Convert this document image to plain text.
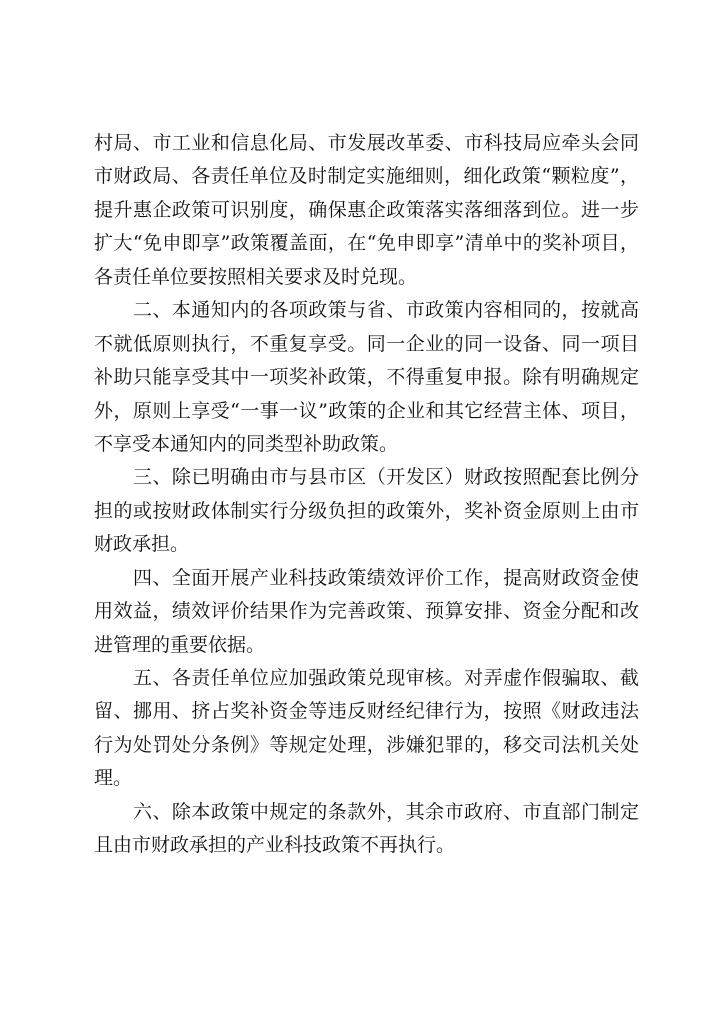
村局、市工业和信息化局、市发展改革委、市科技局应牵头会同
市财政局、各责任单位及时制定实施细则，细化政策“颗粒度”，
提升惠企政策可识别度，确保惠企政策落实落细落到位。进一步
扩大“免申即享”政策覆盖面，在“免申即享”清单中的奖补项目，
各责任单位要按照相关要求及时兑现。
　　二、本通知内的各项政策与省、市政策内容相同的，按就高
不就低原则执行，不重复享受。同一企业的同一设备、同一项目
补助只能享受其中一项奖补政策，不得重复申报。除有明确规定
外，原则上享受“一事一议”政策的企业和其它经营主体、项目，
不享受本通知内的同类型补助政策。
　　三、除已明确由市与县市区（开发区）财政按照配套比例分
担的或按财政体制实行分级负担的政策外，奖补资金原则上由市
财政承担。
　　四、全面开展产业科技政策绩效评价工作，提高财政资金使
用效益，绩效评价结果作为完善政策、预算安排、资金分配和改
进管理的重要依据。
　　五、各责任单位应加强政策兑现审核。对弄虚作假骗取、截
留、挪用、挤占奖补资金等违反财经纪律行为，按照《财政违法
行为处罚处分条例》等规定处理，涉嫌犯罪的，移交司法机关处
理。
　　六、除本政策中规定的条款外，其余市政府、市直部门制定
且由市财政承担的产业科技政策不再执行。
